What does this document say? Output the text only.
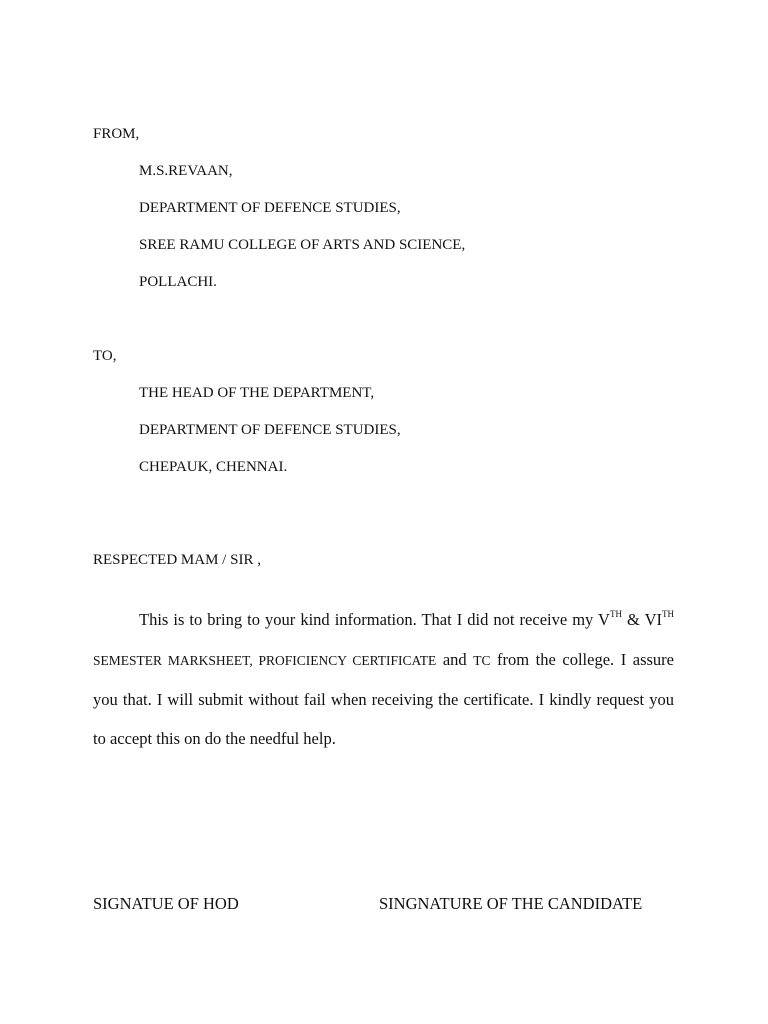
FROM,
M.S.REVAAN,
DEPARTMENT OF DEFENCE STUDIES,
SREE RAMU COLLEGE OF ARTS AND SCIENCE,
POLLACHI.
TO,
THE HEAD OF THE DEPARTMENT,
DEPARTMENT OF DEFENCE STUDIES,
CHEPAUK, CHENNAI.
RESPECTED MAM / SIR ,
This is to bring to your kind information. That I did not receive my VTH & VITH SEMESTER MARKSHEET, PROFICIENCY CERTIFICATE and TC from the college. I assure you that. I will submit without fail when receiving the certificate. I kindly request you to accept this on do the needful help.
SIGNATUE OF HOD	SINGNATURE OF THE CANDIDATE
